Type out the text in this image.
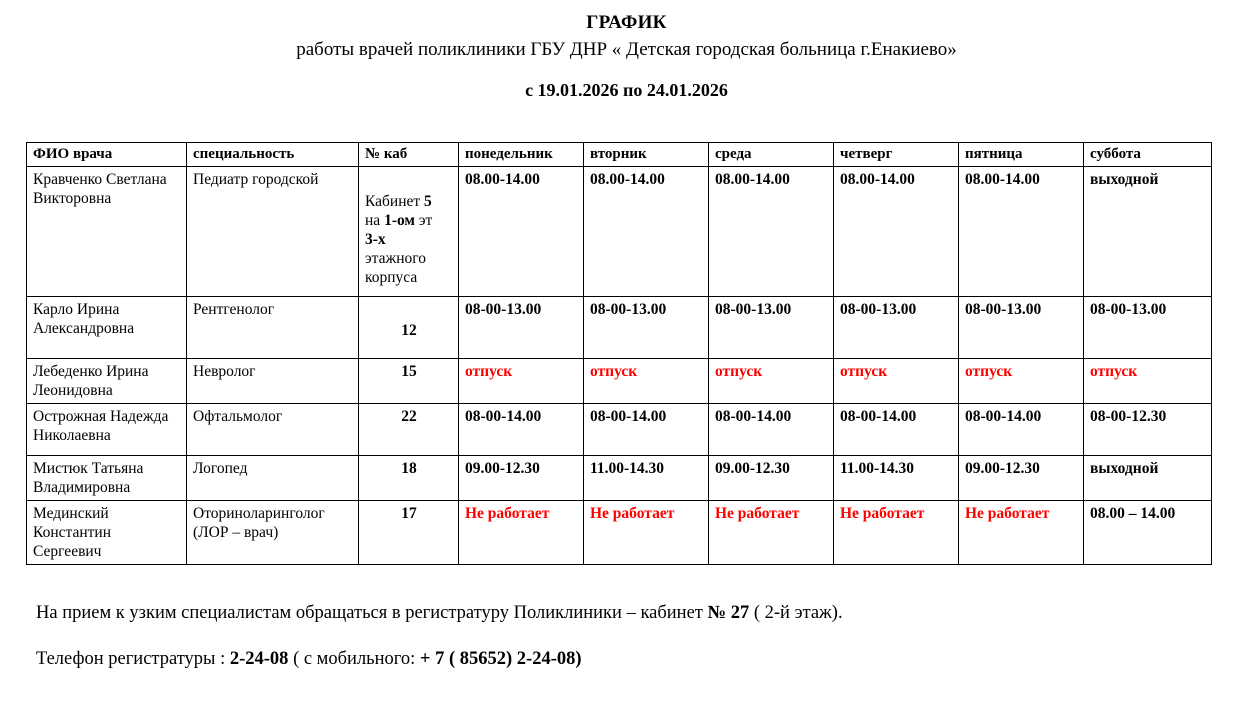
ГРАФИК
работы врачей поликлиники ГБУ ДНР « Детская городская больница г.Енакиево»
с 19.01.2026 по 24.01.2026
ФИО врача	специальность	№ каб	понедельник	вторник	среда	четверг	пятница	суббота
Кравченко Светлана Викторовна	Педиатр городской	Кабинет 5
на 1-ом эт
3-х
этажного
корпуса	08.00-14.00	08.00-14.00	08.00-14.00	08.00-14.00	08.00-14.00	выходной
Карло Ирина Александровна	Рентгенолог	12	08-00-13.00	08-00-13.00	08-00-13.00	08-00-13.00	08-00-13.00	08-00-13.00
Лебеденко Ирина Леонидовна	Невролог	15	отпуск	отпуск	отпуск	отпуск	отпуск	отпуск
Острожная Надежда Николаевна	Офтальмолог	22	08-00-14.00	08-00-14.00	08-00-14.00	08-00-14.00	08-00-14.00	08-00-12.30
Мистюк Татьяна Владимировна	Логопед	18	09.00-12.30	11.00-14.30	09.00-12.30	11.00-14.30	09.00-12.30	выходной
Мединский Константин Сергеевич	Оториноларинголог (ЛОР – врач)	17	Не работает	Не работает	Не работает	Не работает	Не работает	08.00 – 14.00

На прием к узким специалистам обращаться в регистратуру Поликлиники – кабинет № 27 ( 2-й этаж).

Телефон регистратуры : 2-24-08 ( с мобильного: + 7 ( 85652) 2-24-08)
